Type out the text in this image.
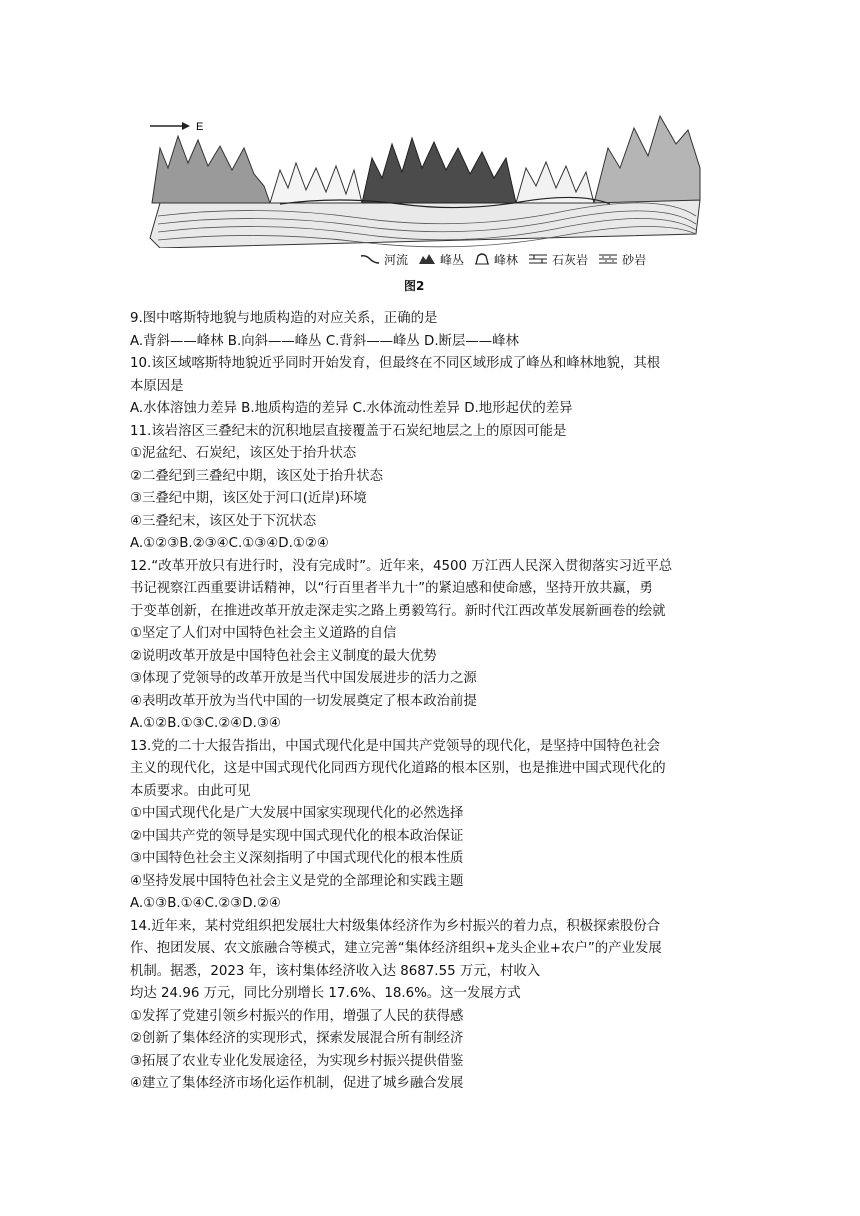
E
河流	峰丛	峰林	石灰岩	砂岩
图2

9.图中喀斯特地貌与地质构造的对应关系，正确的是

A.背斜——峰林 B.向斜——峰丛 C.背斜——峰丛 D.断层——峰林

10.该区域喀斯特地貌近乎同时开始发育，但最终在不同区域形成了峰丛和峰林地貌，其根

本原因是

A.水体溶蚀力差异 B.地质构造的差异 C.水体流动性差异 D.地形起伏的差异

11.该岩溶区三叠纪末的沉积地层直接覆盖于石炭纪地层之上的原因可能是

①泥盆纪、石炭纪，该区处于抬升状态

②二叠纪到三叠纪中期，该区处于抬升状态

③三叠纪中期，该区处于河口(近岸)环境

④三叠纪末，该区处于下沉状态

A.①②③B.②③④C.①③④D.①②④

12.“改革开放只有进行时，没有完成时”。近年来，4500 万江西人民深入贯彻落实习近平总

书记视察江西重要讲话精神，以“行百里者半九十”的紧迫感和使命感，坚持开放共赢，勇

于变革创新，在推进改革开放走深走实之路上勇毅笃行。新时代江西改革发展新画卷的绘就

①坚定了人们对中国特色社会主义道路的自信

②说明改革开放是中国特色社会主义制度的最大优势

③体现了党领导的改革开放是当代中国发展进步的活力之源

④表明改革开放为当代中国的一切发展奠定了根本政治前提

A.①②B.①③C.②④D.③④

13.党的二十大报告指出，中国式现代化是中国共产党领导的现代化，是坚持中国特色社会

主义的现代化，这是中国式现代化同西方现代化道路的根本区别，也是推进中国式现代化的

本质要求。由此可见

①中国式现代化是广大发展中国家实现现代化的必然选择

②中国共产党的领导是实现中国式现代化的根本政治保证

③中国特色社会主义深刻指明了中国式现代化的根本性质

④坚持发展中国特色社会主义是党的全部理论和实践主题

A.①③B.①④C.②③D.②④

14.近年来，某村党组织把发展壮大村级集体经济作为乡村振兴的着力点，积极探索股份合

作、抱团发展、农文旅融合等模式，建立完善“集体经济组织+龙头企业+农户”的产业发展

机制。据悉，2023 年，该村集体经济收入达 8687.55 万元，村收入

均达 24.96 万元，同比分别增长 17.6%、18.6%。这一发展方式

①发挥了党建引领乡村振兴的作用，增强了人民的获得感

②创新了集体经济的实现形式，探索发展混合所有制经济

③拓展了农业专业化发展途径，为实现乡村振兴提供借鉴

④建立了集体经济市场化运作机制，促进了城乡融合发展
